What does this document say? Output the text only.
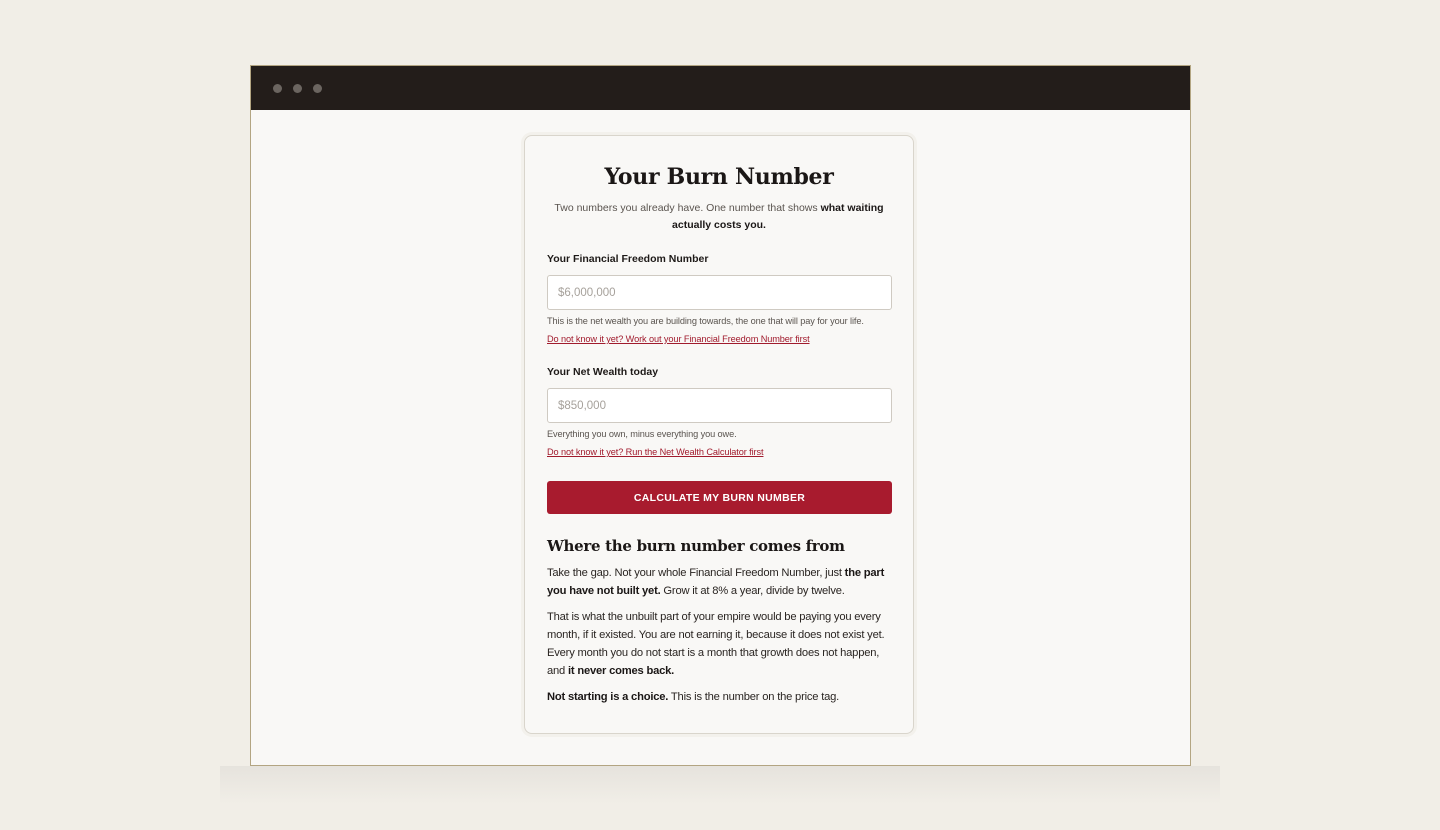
Your Burn Number
Two numbers you already have. One number that shows what waiting actually costs you.
Your Financial Freedom Number
$6,000,000
This is the net wealth you are building towards, the one that will pay for your life.
Do not know it yet? Work out your Financial Freedom Number first
Your Net Wealth today
$850,000
Everything you own, minus everything you owe.
Do not know it yet? Run the Net Wealth Calculator first
CALCULATE MY BURN NUMBER
Where the burn number comes from
Take the gap. Not your whole Financial Freedom Number, just the part you have not built yet. Grow it at 8% a year, divide by twelve.
That is what the unbuilt part of your empire would be paying you every month, if it existed. You are not earning it, because it does not exist yet. Every month you do not start is a month that growth does not happen, and it never comes back.
Not starting is a choice. This is the number on the price tag.
